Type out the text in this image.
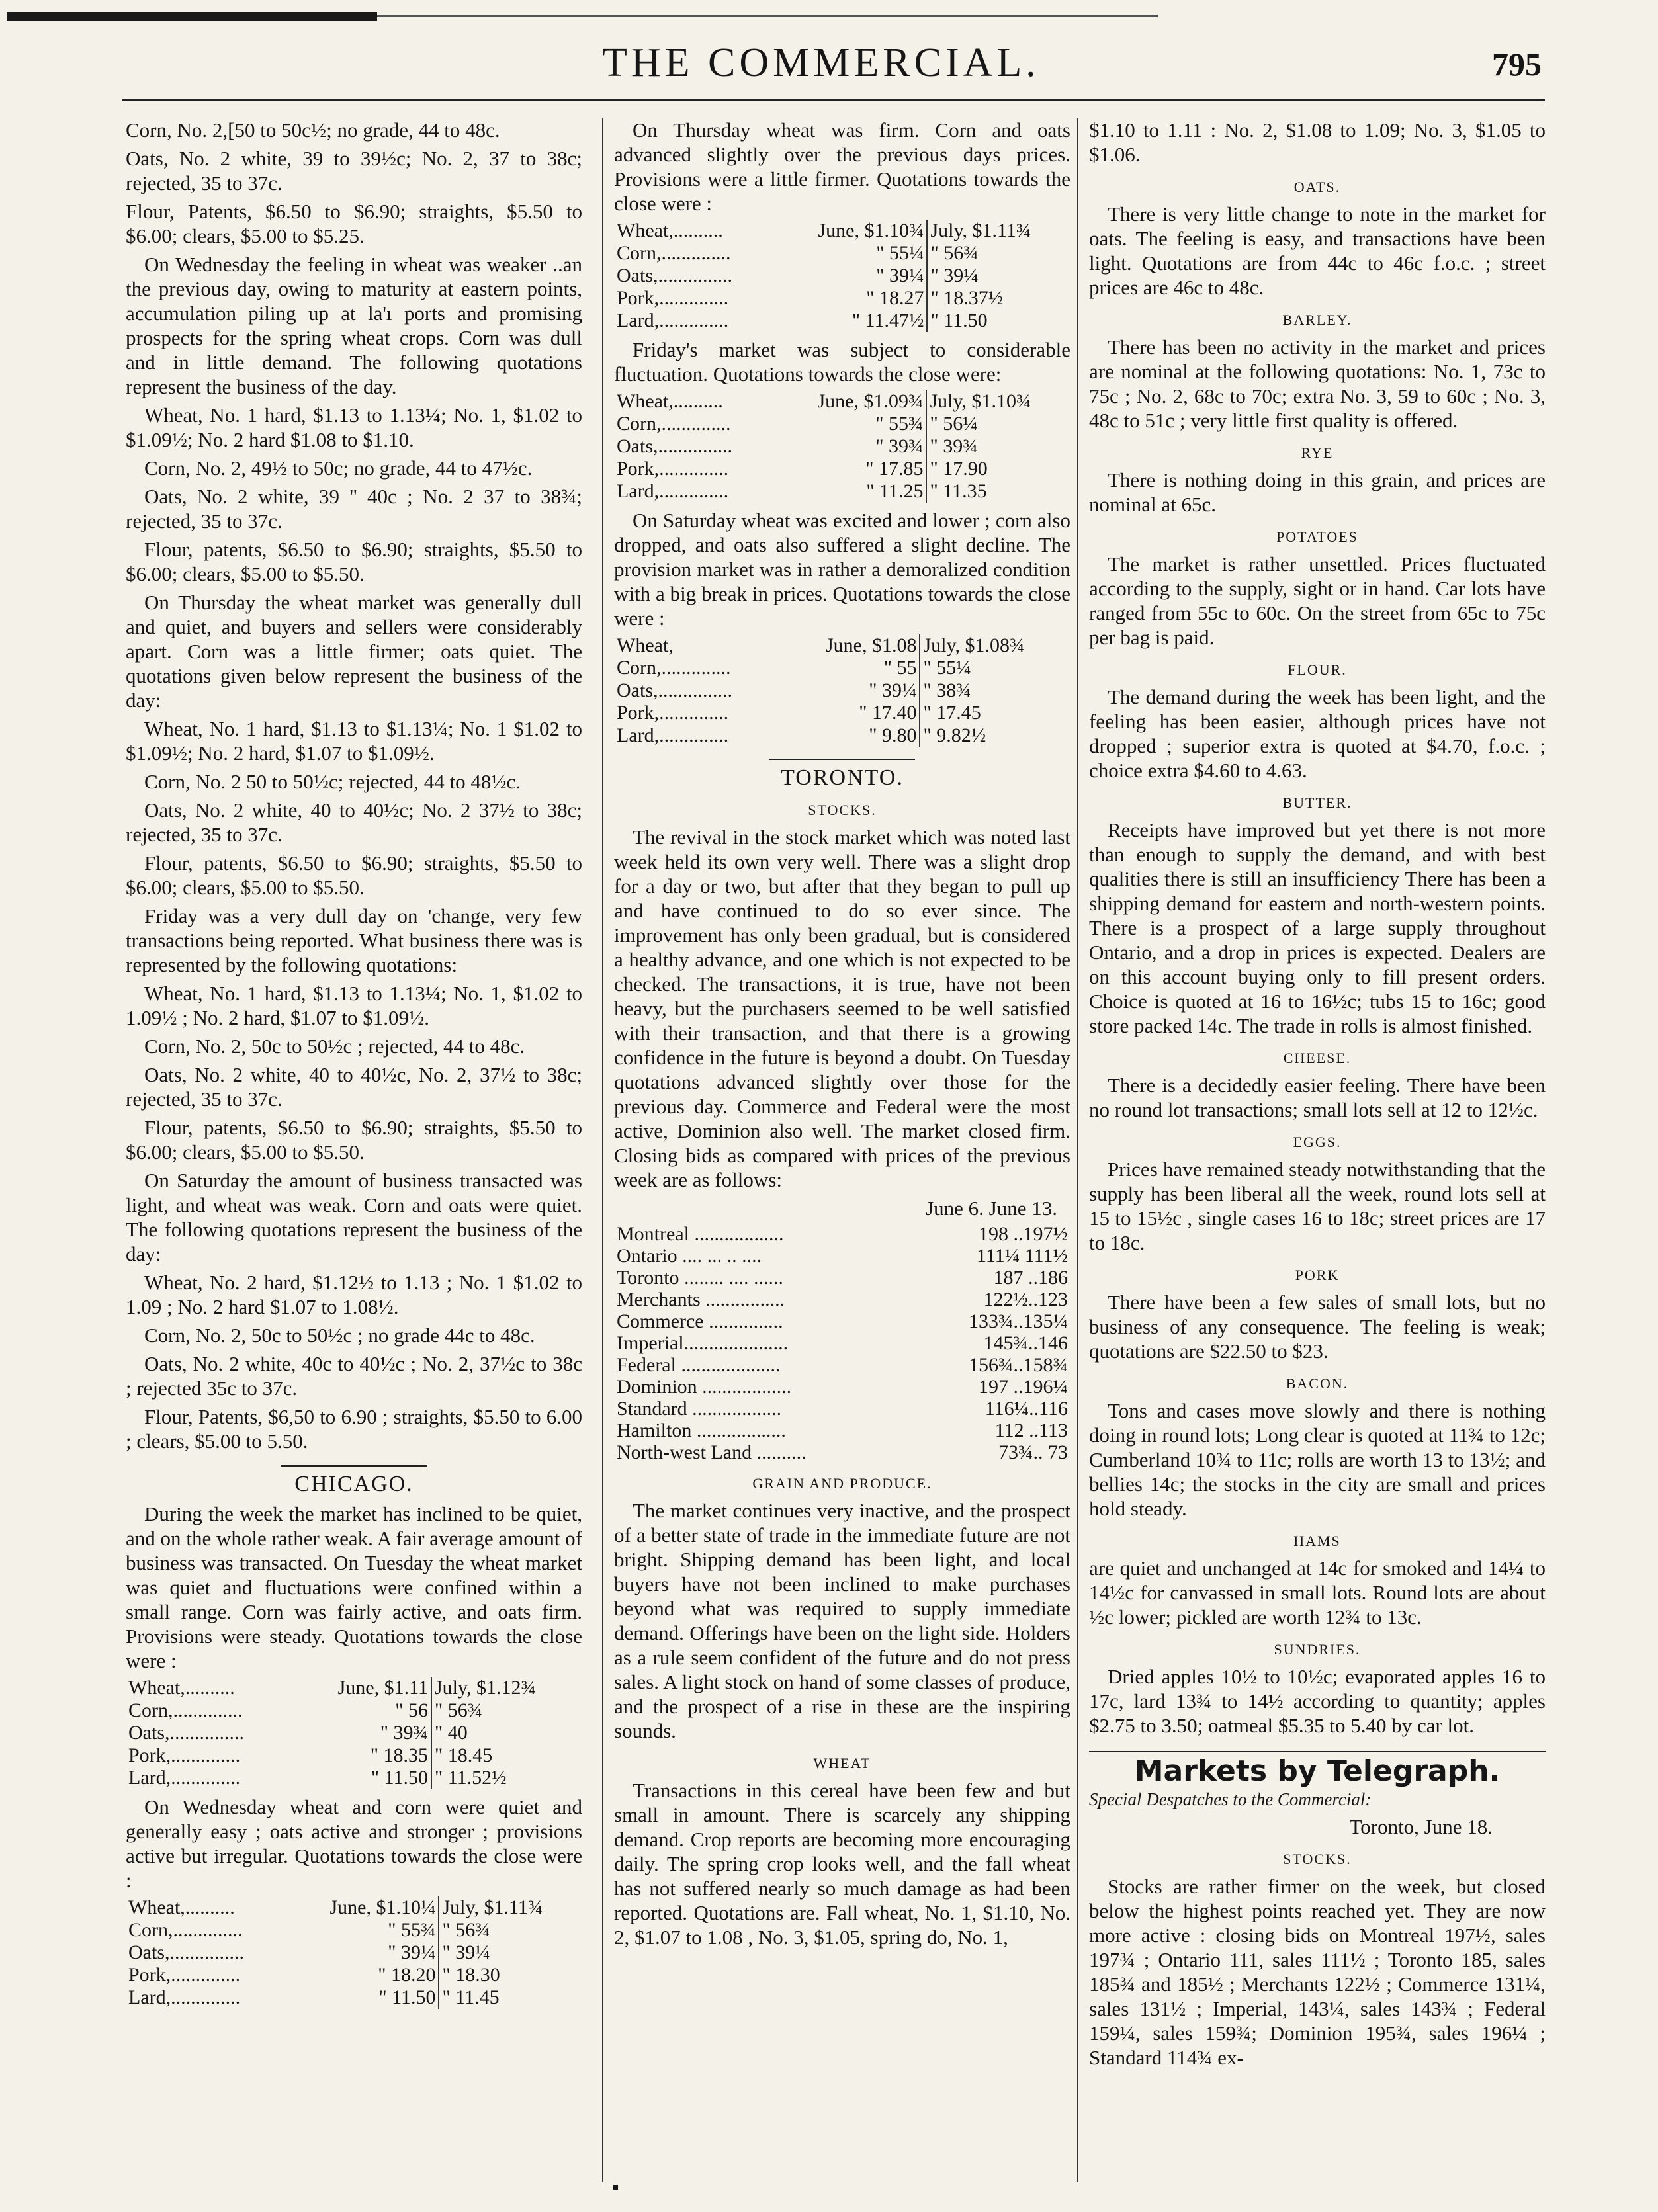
THE COMMERCIAL.	795

Corn, No. 2,[50 to 50c½; no grade, 44 to 48c.

Oats, No. 2 white, 39 to 39½c; No. 2, 37 to 38c; rejected, 35 to 37c.

Flour, Patents, $6.50 to $6.90; straights, $5.50 to $6.00; clears, $5.00 to $5.25.

On Wednesday the feeling in wheat was weaker ..an the previous day, owing to maturity at eastern points, accumulation piling up at la'ı ports and promising prospects for the spring wheat crops. Corn was dull and in little demand. The following quotations represent the business of the day.

Wheat, No. 1 hard, $1.13 to 1.13¼; No. 1, $1.02 to $1.09½; No. 2 hard $1.08 to $1.10.

Corn, No. 2, 49½ to 50c; no grade, 44 to 47½c.

Oats, No. 2 white, 39 '' 40c ; No. 2 37 to 38¾; rejected, 35 to 37c.

Flour, patents, $6.50 to $6.90; straights, $5.50 to $6.00; clears, $5.00 to $5.50.

On Thursday the wheat market was generally dull and quiet, and buyers and sellers were considerably apart. Corn was a little firmer; oats quiet. The quotations given below represent the business of the day:

Wheat, No. 1 hard, $1.13 to $1.13¼; No. 1 $1.02 to $1.09½; No. 2 hard, $1.07 to $1.09½.

Corn, No. 2 50 to 50½c; rejected, 44 to 48½c.

Oats, No. 2 white, 40 to 40½c; No. 2 37½ to 38c; rejected, 35 to 37c.

Flour, patents, $6.50 to $6.90; straights, $5.50 to $6.00; clears, $5.00 to $5.50.

Friday was a very dull day on 'change, very few transactions being reported. What business there was is represented by the following quotations:

Wheat, No. 1 hard, $1.13 to 1.13¼; No. 1, $1.02 to 1.09½ ; No. 2 hard, $1.07 to $1.09½.

Corn, No. 2, 50c to 50½c ; rejected, 44 to 48c.

Oats, No. 2 white, 40 to 40½c, No. 2, 37½ to 38c; rejected, 35 to 37c.

Flour, patents, $6.50 to $6.90; straights, $5.50 to $6.00; clears, $5.00 to $5.50.

On Saturday the amount of business transacted was light, and wheat was weak. Corn and oats were quiet. The following quotations represent the business of the day:

Wheat, No. 2 hard, $1.12½ to 1.13 ; No. 1 $1.02 to 1.09 ; No. 2 hard $1.07 to 1.08½.

Corn, No. 2, 50c to 50½c ; no grade 44c to 48c.

Oats, No. 2 white, 40c to 40½c ; No. 2, 37½c to 38c ; rejected 35c to 37c.

Flour, Patents, $6,50 to 6.90 ; straights, $5.50 to 6.00 ; clears, $5.00 to 5.50.

CHICAGO.

During the week the market has inclined to be quiet, and on the whole rather weak. A fair average amount of business was transacted. On Tuesday the wheat market was quiet and fluctuations were confined within a small range. Corn was fairly active, and oats firm. Provisions were steady. Quotations towards the close were :

Wheat,..........	June, $1.11	July, $1.12¾
Corn,..............	" 56	" 56¾
Oats,...............	" 39¾	" 40
Pork,..............	" 18.35	" 18.45
Lard,..............	" 11.50	" 11.52½

On Wednesday wheat and corn were quiet and generally easy ; oats active and stronger ; provisions active but irregular. Quotations towards the close were :

Wheat,..........	June, $1.10¼	July, $1.11¾
Corn,..............	" 55¾	" 56¾
Oats,...............	" 39¼	" 39¼
Pork,..............	" 18.20	" 18.30
Lard,..............	" 11.50	" 11.45

On Thursday wheat was firm. Corn and oats advanced slightly over the previous days prices. Provisions were a little firmer. Quotations towards the close were :

Wheat,..........	June, $1.10¾	July, $1.11¾
Corn,..............	" 55¼	" 56¾
Oats,...............	" 39¼	" 39¼
Pork,..............	" 18.27	" 18.37½
Lard,..............	" 11.47½	" 11.50

Friday's market was subject to considerable fluctuation. Quotations towards the close were:

Wheat,..........	June, $1.09¾	July, $1.10¾
Corn,..............	" 55¾	" 56¼
Oats,...............	" 39¾	" 39¾
Pork,..............	" 17.85	" 17.90
Lard,..............	" 11.25	" 11.35

On Saturday wheat was excited and lower ; corn also dropped, and oats also suffered a slight decline. The provision market was in rather a demoralized condition with a big break in prices. Quotations towards the close were :

Wheat,	June, $1.08	July, $1.08¾
Corn,..............	" 55	" 55¼
Oats,...............	" 39¼	" 38¾
Pork,..............	" 17.40	" 17.45
Lard,..............	" 9.80	" 9.82½
TORONTO.
STOCKS.

The revival in the stock market which was noted last week held its own very well. There was a slight drop for a day or two, but after that they began to pull up and have continued to do so ever since. The improvement has only been gradual, but is considered a healthy advance, and one which is not expected to be checked. The transactions, it is true, have not been heavy, but the purchasers seemed to be well satisfied with their transaction, and that there is a growing confidence in the future is beyond a doubt. On Tuesday quotations advanced slightly over those for the previous day. Commerce and Federal were the most active, Dominion also well. The market closed firm. Closing bids as compared with prices of the previous week are as follows:

June 6. June 13.
Montreal ..................	198 ..197½
Ontario .... ... .. ....	111¼ 111½
Toronto ........ .... ......	187 ..186
Merchants ................	122½..123
Commerce ...............	133¾..135¼
Imperial.....................	145¾..146
Federal ....................	156¾..158¾
Dominion ..................	197 ..196¼
Standard ..................	116¼..116
Hamilton ..................	112 ..113
North-west Land ..........	73¾.. 73
GRAIN AND PRODUCE.

The market continues very inactive, and the prospect of a better state of trade in the immediate future are not bright. Shipping demand has been light, and local buyers have not been inclined to make purchases beyond what was required to supply immediate demand. Offerings have been on the light side. Holders as a rule seem confident of the future and do not press sales. A light stock on hand of some classes of produce, and the prospect of a rise in these are the inspiring sounds.

WHEAT

Transactions in this cereal have been few and but small in amount. There is scarcely any shipping demand. Crop reports are becoming more encouraging daily. The spring crop looks well, and the fall wheat has not suffered nearly so much damage as had been reported. Quotations are. Fall wheat, No. 1, $1.10, No. 2, $1.07 to 1.08 , No. 3, $1.05, spring do, No. 1,

$1.10 to 1.11 : No. 2, $1.08 to 1.09; No. 3, $1.05 to $1.06.

OATS.

There is very little change to note in the market for oats. The feeling is easy, and transactions have been light. Quotations are from 44c to 46c f.o.c. ; street prices are 46c to 48c.

BARLEY.

There has been no activity in the market and prices are nominal at the following quotations: No. 1, 73c to 75c ; No. 2, 68c to 70c; extra No. 3, 59 to 60c ; No. 3, 48c to 51c ; very little first quality is offered.

RYE

There is nothing doing in this grain, and prices are nominal at 65c.

POTATOES

The market is rather unsettled. Prices fluctuated according to the supply, sight or in hand. Car lots have ranged from 55c to 60c. On the street from 65c to 75c per bag is paid.

FLOUR.

The demand during the week has been light, and the feeling has been easier, although prices have not dropped ; superior extra is quoted at $4.70, f.o.c. ; choice extra $4.60 to 4.63.

BUTTER.

Receipts have improved but yet there is not more than enough to supply the demand, and with best qualities there is still an insufficiency There has been a shipping demand for eastern and north-western points. There is a prospect of a large supply throughout Ontario, and a drop in prices is expected. Dealers are on this account buying only to fill present orders. Choice is quoted at 16 to 16½c; tubs 15 to 16c; good store packed 14c. The trade in rolls is almost finished.

CHEESE.

There is a decidedly easier feeling. There have been no round lot transactions; small lots sell at 12 to 12½c.

EGGS.

Prices have remained steady notwithstanding that the supply has been liberal all the week, round lots sell at 15 to 15½c , single cases 16 to 18c; street prices are 17 to 18c.

PORK

There have been a few sales of small lots, but no business of any consequence. The feeling is weak; quotations are $22.50 to $23.

BACON.

Tons and cases move slowly and there is nothing doing in round lots; Long clear is quoted at 11¾ to 12c; Cumberland 10¾ to 11c; rolls are worth 13 to 13½; and bellies 14c; the stocks in the city are small and prices hold steady.

HAMS

are quiet and unchanged at 14c for smoked and 14¼ to 14½c for canvassed in small lots. Round lots are about ½c lower; pickled are worth 12¾ to 13c.

SUNDRIES.

Dried apples 10½ to 10½c; evaporated apples 16 to 17c, lard 13¾ to 14½ according to quantity; apples $2.75 to 3.50; oatmeal $5.35 to 5.40 by car lot.

Markets by Telegraph.
Special Despatches to the Commercial:
Toronto, June 18.
STOCKS.

Stocks are rather firmer on the week, but closed below the highest points reached yet. They are now more active : closing bids on Montreal 197½, sales 197¾ ; Ontario 111, sales 111½ ; Toronto 185, sales 185¾ and 185½ ; Merchants 122½ ; Commerce 131¼, sales 131½ ; Imperial, 143¼, sales 143¾ ; Federal 159¼, sales 159¾; Dominion 195¾, sales 196¼ ; Standard 114¾ ex-

▪
